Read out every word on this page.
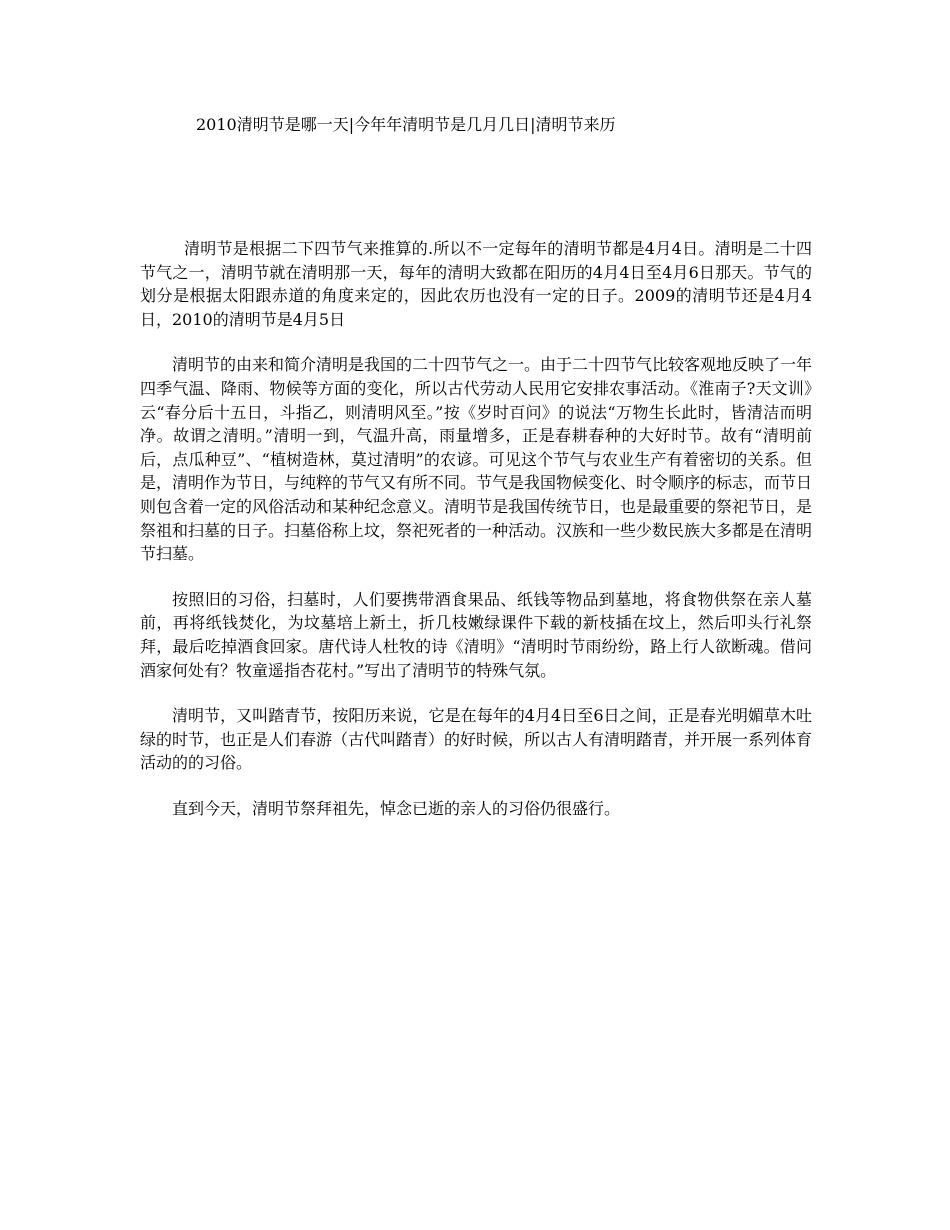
2010清明节是哪一天|今年年清明节是几月几日|清明节来历

清明节是根据二下四节气来推算的.所以不一定每年的清明节都是4月4日。清明是二十四节气之一，清明节就在清明那一天，每年的清明大致都在阳历的4月4日至4月6日那天。节气的划分是根据太阳跟赤道的角度来定的，因此农历也没有一定的日子。2009的清明节还是4月4日，2010的清明节是4月5日

清明节的由来和简介清明是我国的二十四节气之一。由于二十四节气比较客观地反映了一年四季气温、降雨、物候等方面的变化，所以古代劳动人民用它安排农事活动。《淮南子?天文训》云“春分后十五日，斗指乙，则清明风至。”按《岁时百问》的说法“万物生长此时，皆清洁而明净。故谓之清明。”清明一到，气温升高，雨量增多，正是春耕春种的大好时节。故有“清明前后，点瓜种豆”、“植树造林，莫过清明”的农谚。可见这个节气与农业生产有着密切的关系。但是，清明作为节日，与纯粹的节气又有所不同。节气是我国物候变化、时令顺序的标志，而节日则包含着一定的风俗活动和某种纪念意义。清明节是我国传统节日，也是最重要的祭祀节日，是祭祖和扫墓的日子。扫墓俗称上坟，祭祀死者的一种活动。汉族和一些少数民族大多都是在清明节扫墓。

按照旧的习俗，扫墓时，人们要携带酒食果品、纸钱等物品到墓地，将食物供祭在亲人墓前，再将纸钱焚化，为坟墓培上新土，折几枝嫩绿课件下载的新枝插在坟上，然后叩头行礼祭拜，最后吃掉酒食回家。唐代诗人杜牧的诗《清明》“清明时节雨纷纷，路上行人欲断魂。借问酒家何处有？牧童遥指杏花村。”写出了清明节的特殊气氛。

清明节，又叫踏青节，按阳历来说，它是在每年的4月4日至6日之间，正是春光明媚草木吐绿的时节，也正是人们春游（古代叫踏青）的好时候，所以古人有清明踏青，并开展一系列体育活动的的习俗。

直到今天，清明节祭拜祖先，悼念已逝的亲人的习俗仍很盛行。
